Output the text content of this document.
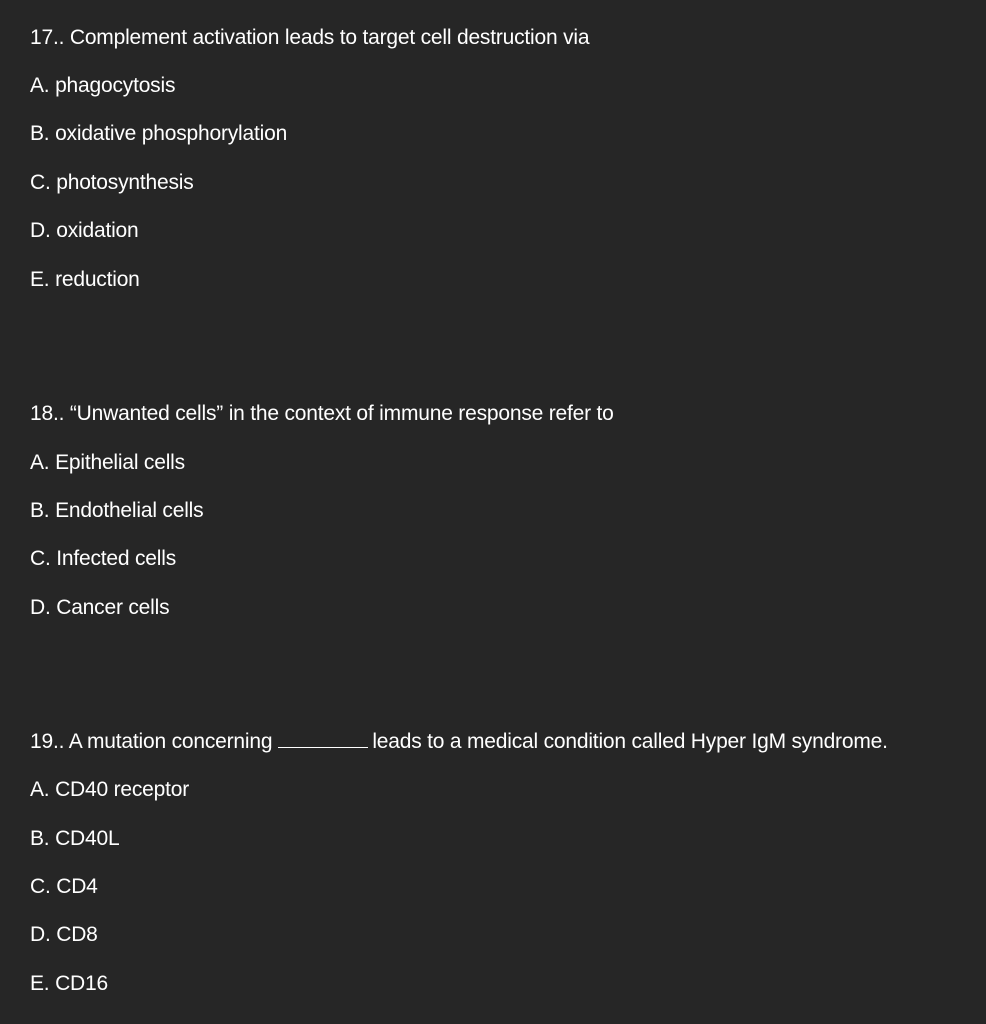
17.. Complement activation leads to target cell destruction via
A. phagocytosis
B. oxidative phosphorylation
C. photosynthesis
D. oxidation
E. reduction
18.. “Unwanted cells” in the context of immune response refer to
A. Epithelial cells
B. Endothelial cells
C. Infected cells
D. Cancer cells
19.. A mutation concerning	leads to a medical condition called Hyper IgM syndrome.
A. CD40 receptor
B. CD40L
C. CD4
D. CD8
E. CD16
